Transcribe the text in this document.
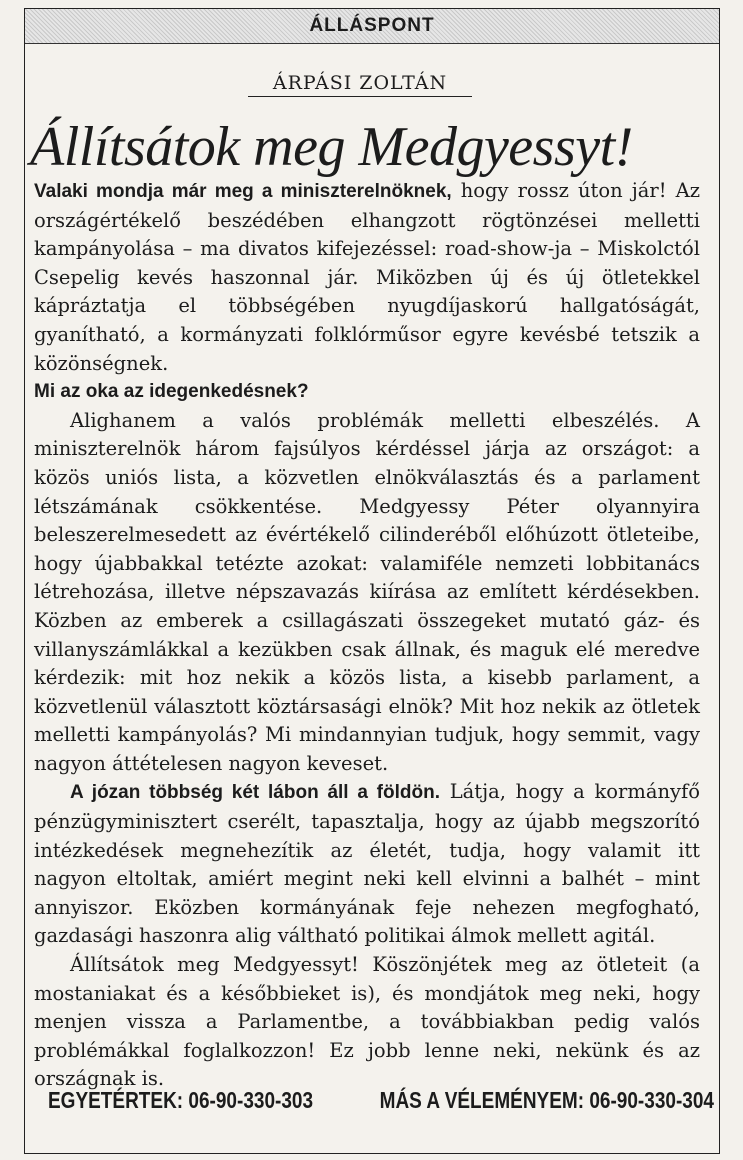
ÁLLÁSPONT
ÁRPÁSI ZOLTÁN
Állítsátok meg Medgyessyt!

Valaki mondja már meg a miniszterelnöknek, hogy rossz úton jár! Az országértékelő beszédében elhangzott rögtönzései melletti kampányolása – ma divatos kifejezéssel: road-show-ja – Miskolctól Csepelig kevés haszonnal jár. Miközben új és új ötletekkel kápráztatja el többségében nyugdíjaskorú hallgatóságát, gyanítható, a kormányzati folklórműsor egyre kevésbé tetszik a közönségnek.

Mi az oka az idegenkedésnek?

Alighanem a valós problémák melletti elbeszélés. A miniszterelnök három fajsúlyos kérdéssel járja az országot: a közös uniós lista, a közvetlen elnökválasztás és a parlament létszámának csökkentése. Medgyessy Péter olyannyira beleszerelmesedett az évértékelő cilinderéből előhúzott ötleteibe, hogy újabbakkal tetézte azokat: valamiféle nemzeti lobbitanács létrehozása, illetve népszavazás kiírása az említett kérdésekben. Közben az emberek a csillagászati összegeket mutató gáz- és villanyszámlákkal a kezükben csak állnak, és maguk elé meredve kérdezik: mit hoz nekik a közös lista, a kisebb parlament, a közvetlenül választott köztársasági elnök? Mit hoz nekik az ötletek melletti kampányolás? Mi mindannyian tudjuk, hogy semmit, vagy nagyon áttételesen nagyon keveset.

A józan többség két lábon áll a földön. Látja, hogy a kormányfő pénzügyminisztert cserélt, tapasztalja, hogy az újabb megszorító intézkedések megnehezítik az életét, tudja, hogy valamit itt nagyon eltoltak, amiért megint neki kell elvinni a balhét – mint annyiszor. Eközben kormányának feje nehezen megfogható, gazdasági haszonra alig váltható politikai álmok mellett agitál.

Állítsátok meg Medgyessyt! Köszönjétek meg az ötleteit (a mostaniakat és a későbbieket is), és mondjátok meg neki, hogy menjen vissza a Parlamentbe, a továbbiakban pedig valós problémákkal foglalkozzon! Ez jobb lenne neki, nekünk és az országnak is.

EGYETÉRTEK: 06-90-330-303	MÁS A VÉLEMÉNYEM: 06-90-330-304
